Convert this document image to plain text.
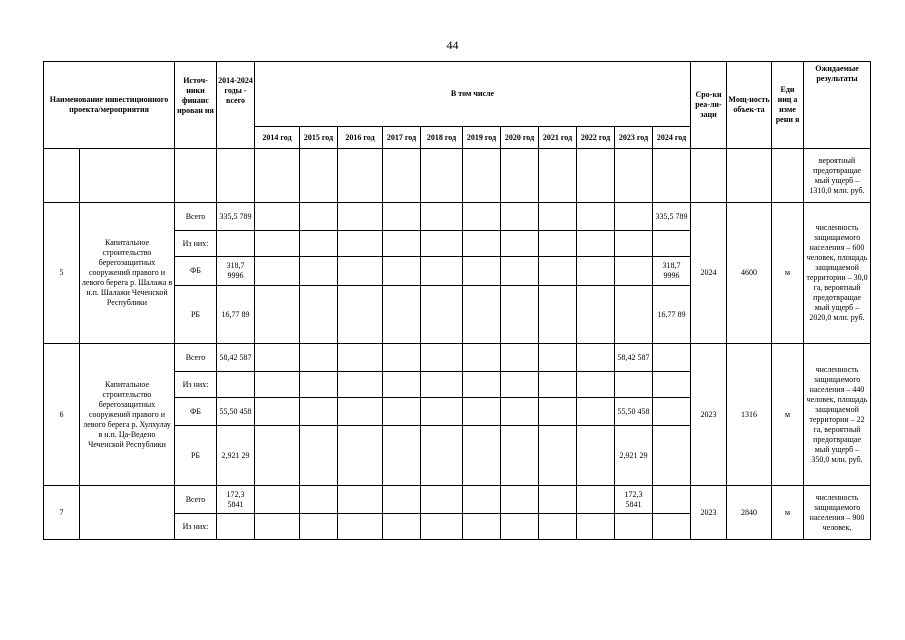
44
Наименование инвестиционного проекта/мероприятия		Источ-ники финанс ирован ия	2014-2024 годы - всего	В том числе											Сро-ки реа-ли-заци	Мощ-ность объек-та	Еди ниц а изме рени я	Ожидаемые результаты
				2014 год	2015 год	2016 год	2017 год	2018 год	2019 год	2020 год	2021 год	2022 год	2023 год	2024 год				
																		вероятный предотвращае мый ущерб – 1310,0 млн. руб.
5	Капитальное строительство берегозащитных сооружений правого и левого берега р. Шалажа в н.п. Шалажи Чеченской Республики	Всего	335,5 789											335,5 789	2024	4600	м	численность защищаемого населения – 600 человек, площадь защищаемой территории – 30,0 га, вероятный предотвращае мый ущерб – 2020,0 млн. руб.
		Из них:																
		ФБ	318,7 9996											318,7 9996				
		РБ	16,77 89											16,77 89				
6	Капитальное строительство берегозащитных сооружений правого и левого берега р. Хулхулау в н.п. Ца-Ведено Чеченской Республики	Всего	58,42 587										58,42 587		2023	1316	м	численность защищаемого населения – 440 человек, площадь защищаемой территории – 22 га, вероятный предотвращае мый ущерб – 350,0 млн. руб.
		Из них:																
		ФБ	55,50 458										55,50 458					
		РБ	2,921 29										2,921 29					
7		Всего	172,3 5841										172,3 5841		2023	2840	м	численность защищаемого населения – 900 человек,
		Из них:																
